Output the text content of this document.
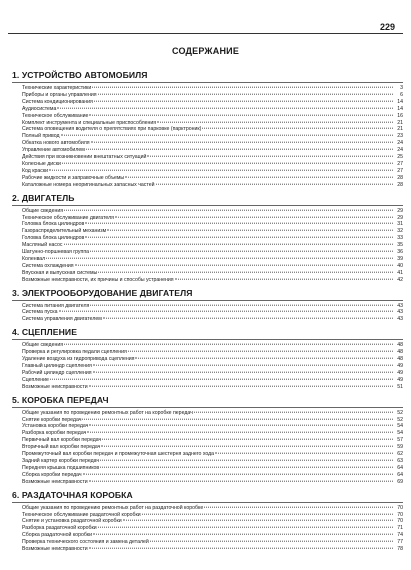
229
СОДЕРЖАНИЕ
1. УСТРОЙСТВО АВТОМОБИЛЯ
Технические характеристики	3
Приборы и органы управления	6
Система кондиционирования	14
Аудиосистема	14
Техническое обслуживание	16
Комплект инструмента и специальные приспособления	21
Система оповещения водителя о препятствиях при парковке (парктроник)	21
Полный привод	23
Обкатка нового автомобиля	24
Управление автомобилем	24
Действия при возникновении внештатных ситуаций	25
Колесные диски	27
Код краски	27
Рабочие жидкости и заправочные объемы	28
Каталожные номера неоригинальных запасных частей	28
2. ДВИГАТЕЛЬ
Общие сведения	29
Техническое обслуживание двигателя	29
Головка блока цилиндров	31
Газораспределительный механизм	32
Головка блока цилиндров	33
Масляный насос	35
Шатунно-поршневая группа	36
Коленвал	39
Система охлаждения	40
Впускная и выпускная системы	41
Возможные неисправности, их причины и способы устранения	42
3. ЭЛЕКТРООБОРУДОВАНИЕ ДВИГАТЕЛЯ
Система питания двигателя	43
Система пуска	43
Система управления двигателем	43
4. СЦЕПЛЕНИЕ
Общие сведения	48
Проверка и регулировка педали сцепления	48
Удаление воздуха из гидропривода сцепления	48
Главный цилиндр сцепления	49
Рабочий цилиндр сцепления	49
Сцепление	49
Возможные неисправности	51
5. КОРОБКА ПЕРЕДАЧ
Общие указания по проведению ремонтных работ на коробке передач	52
Снятие коробки передач	52
Установка коробки передач	54
Разборка коробки передач	54
Первичный вал коробки передач	57
Вторичный вал коробки передач	59
Промежуточный вал коробки передач и промежуточная шестерня заднего хода	62
Задний картер коробки передач	63
Передняя крышка подшипников	64
Сборка коробки передач	64
Возможные неисправности	69
6. РАЗДАТОЧНАЯ КОРОБКА
Общие указания по проведению ремонтных работ на раздаточной коробке	70
Техническое обслуживание раздаточной коробки	70
Снятие и установка раздаточной коробки	70
Разборка раздаточной коробки	71
Сборка раздаточной коробки	74
Проверка технического состояния и замена деталей	77
Возможные неисправности	78
